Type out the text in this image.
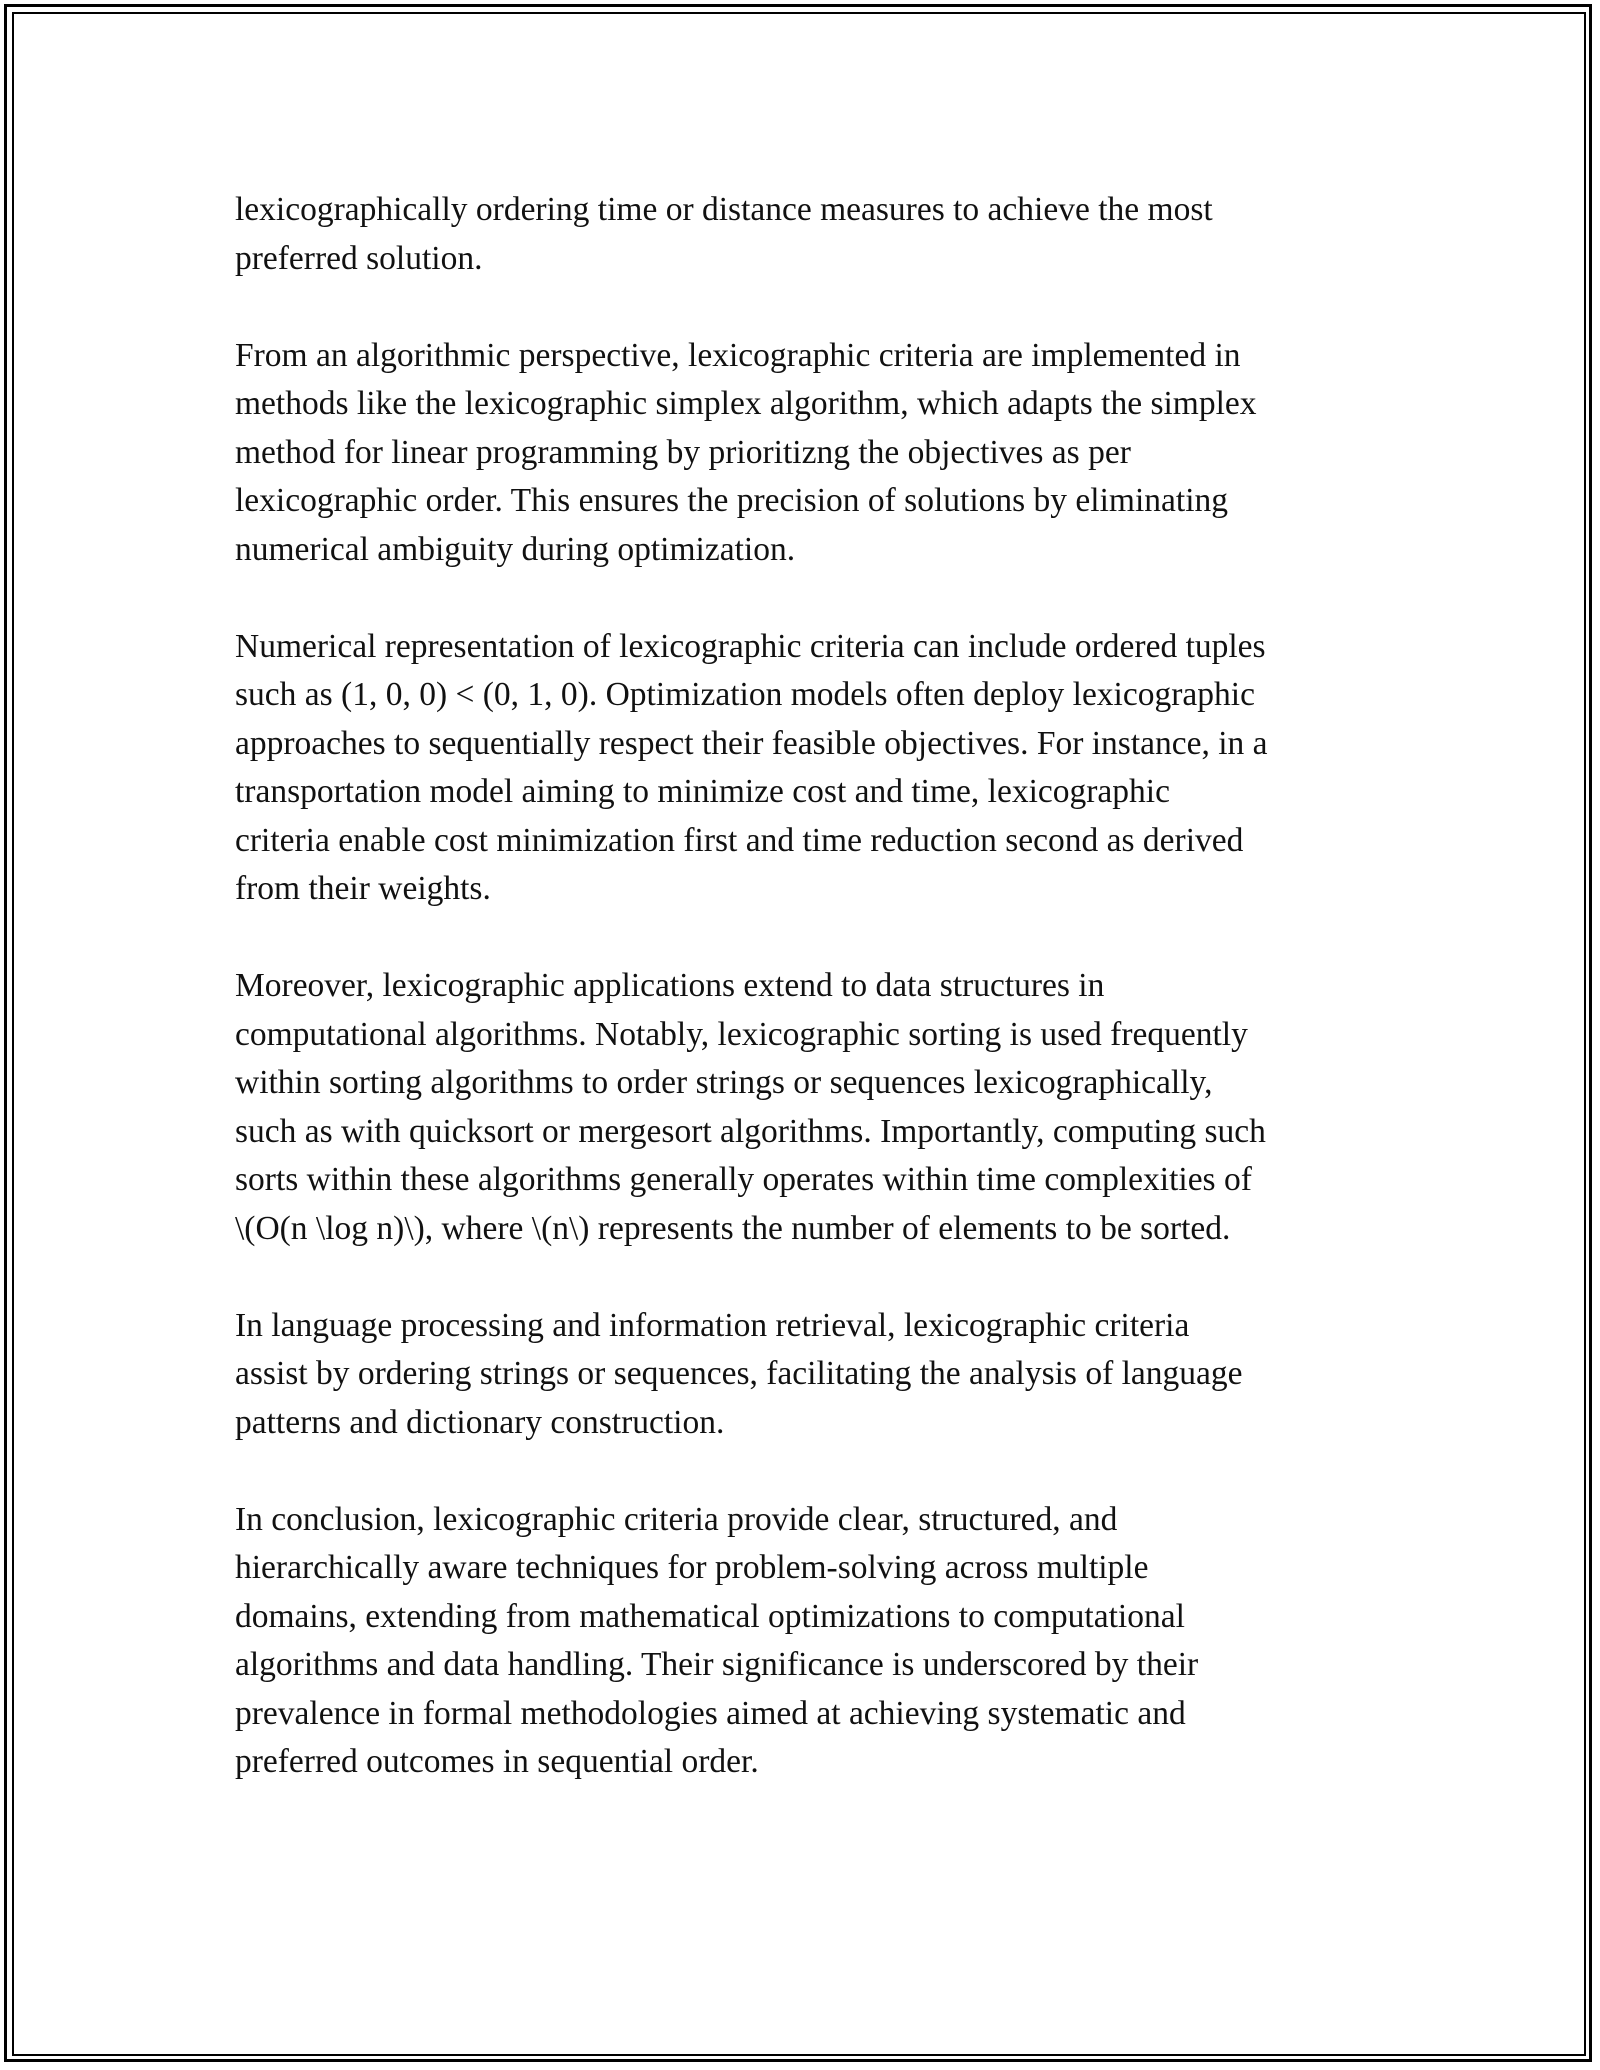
lexicographically ordering time or distance measures to achieve the most
preferred solution.

From an algorithmic perspective, lexicographic criteria are implemented in
methods like the lexicographic simplex algorithm, which adapts the simplex
method for linear programming by prioritizng the objectives as per
lexicographic order. This ensures the precision of solutions by eliminating
numerical ambiguity during optimization.

Numerical representation of lexicographic criteria can include ordered tuples
such as (1, 0, 0) < (0, 1, 0). Optimization models often deploy lexicographic
approaches to sequentially respect their feasible objectives. For instance, in a
transportation model aiming to minimize cost and time, lexicographic
criteria enable cost minimization first and time reduction second as derived
from their weights.

Moreover, lexicographic applications extend to data structures in
computational algorithms. Notably, lexicographic sorting is used frequently
within sorting algorithms to order strings or sequences lexicographically,
such as with quicksort or mergesort algorithms. Importantly, computing such
sorts within these algorithms generally operates within time complexities of
\(O(n \log n)\), where \(n\) represents the number of elements to be sorted.

In language processing and information retrieval, lexicographic criteria
assist by ordering strings or sequences, facilitating the analysis of language
patterns and dictionary construction.

In conclusion, lexicographic criteria provide clear, structured, and
hierarchically aware techniques for problem-solving across multiple
domains, extending from mathematical optimizations to computational
algorithms and data handling. Their significance is underscored by their
prevalence in formal methodologies aimed at achieving systematic and
preferred outcomes in sequential order.
